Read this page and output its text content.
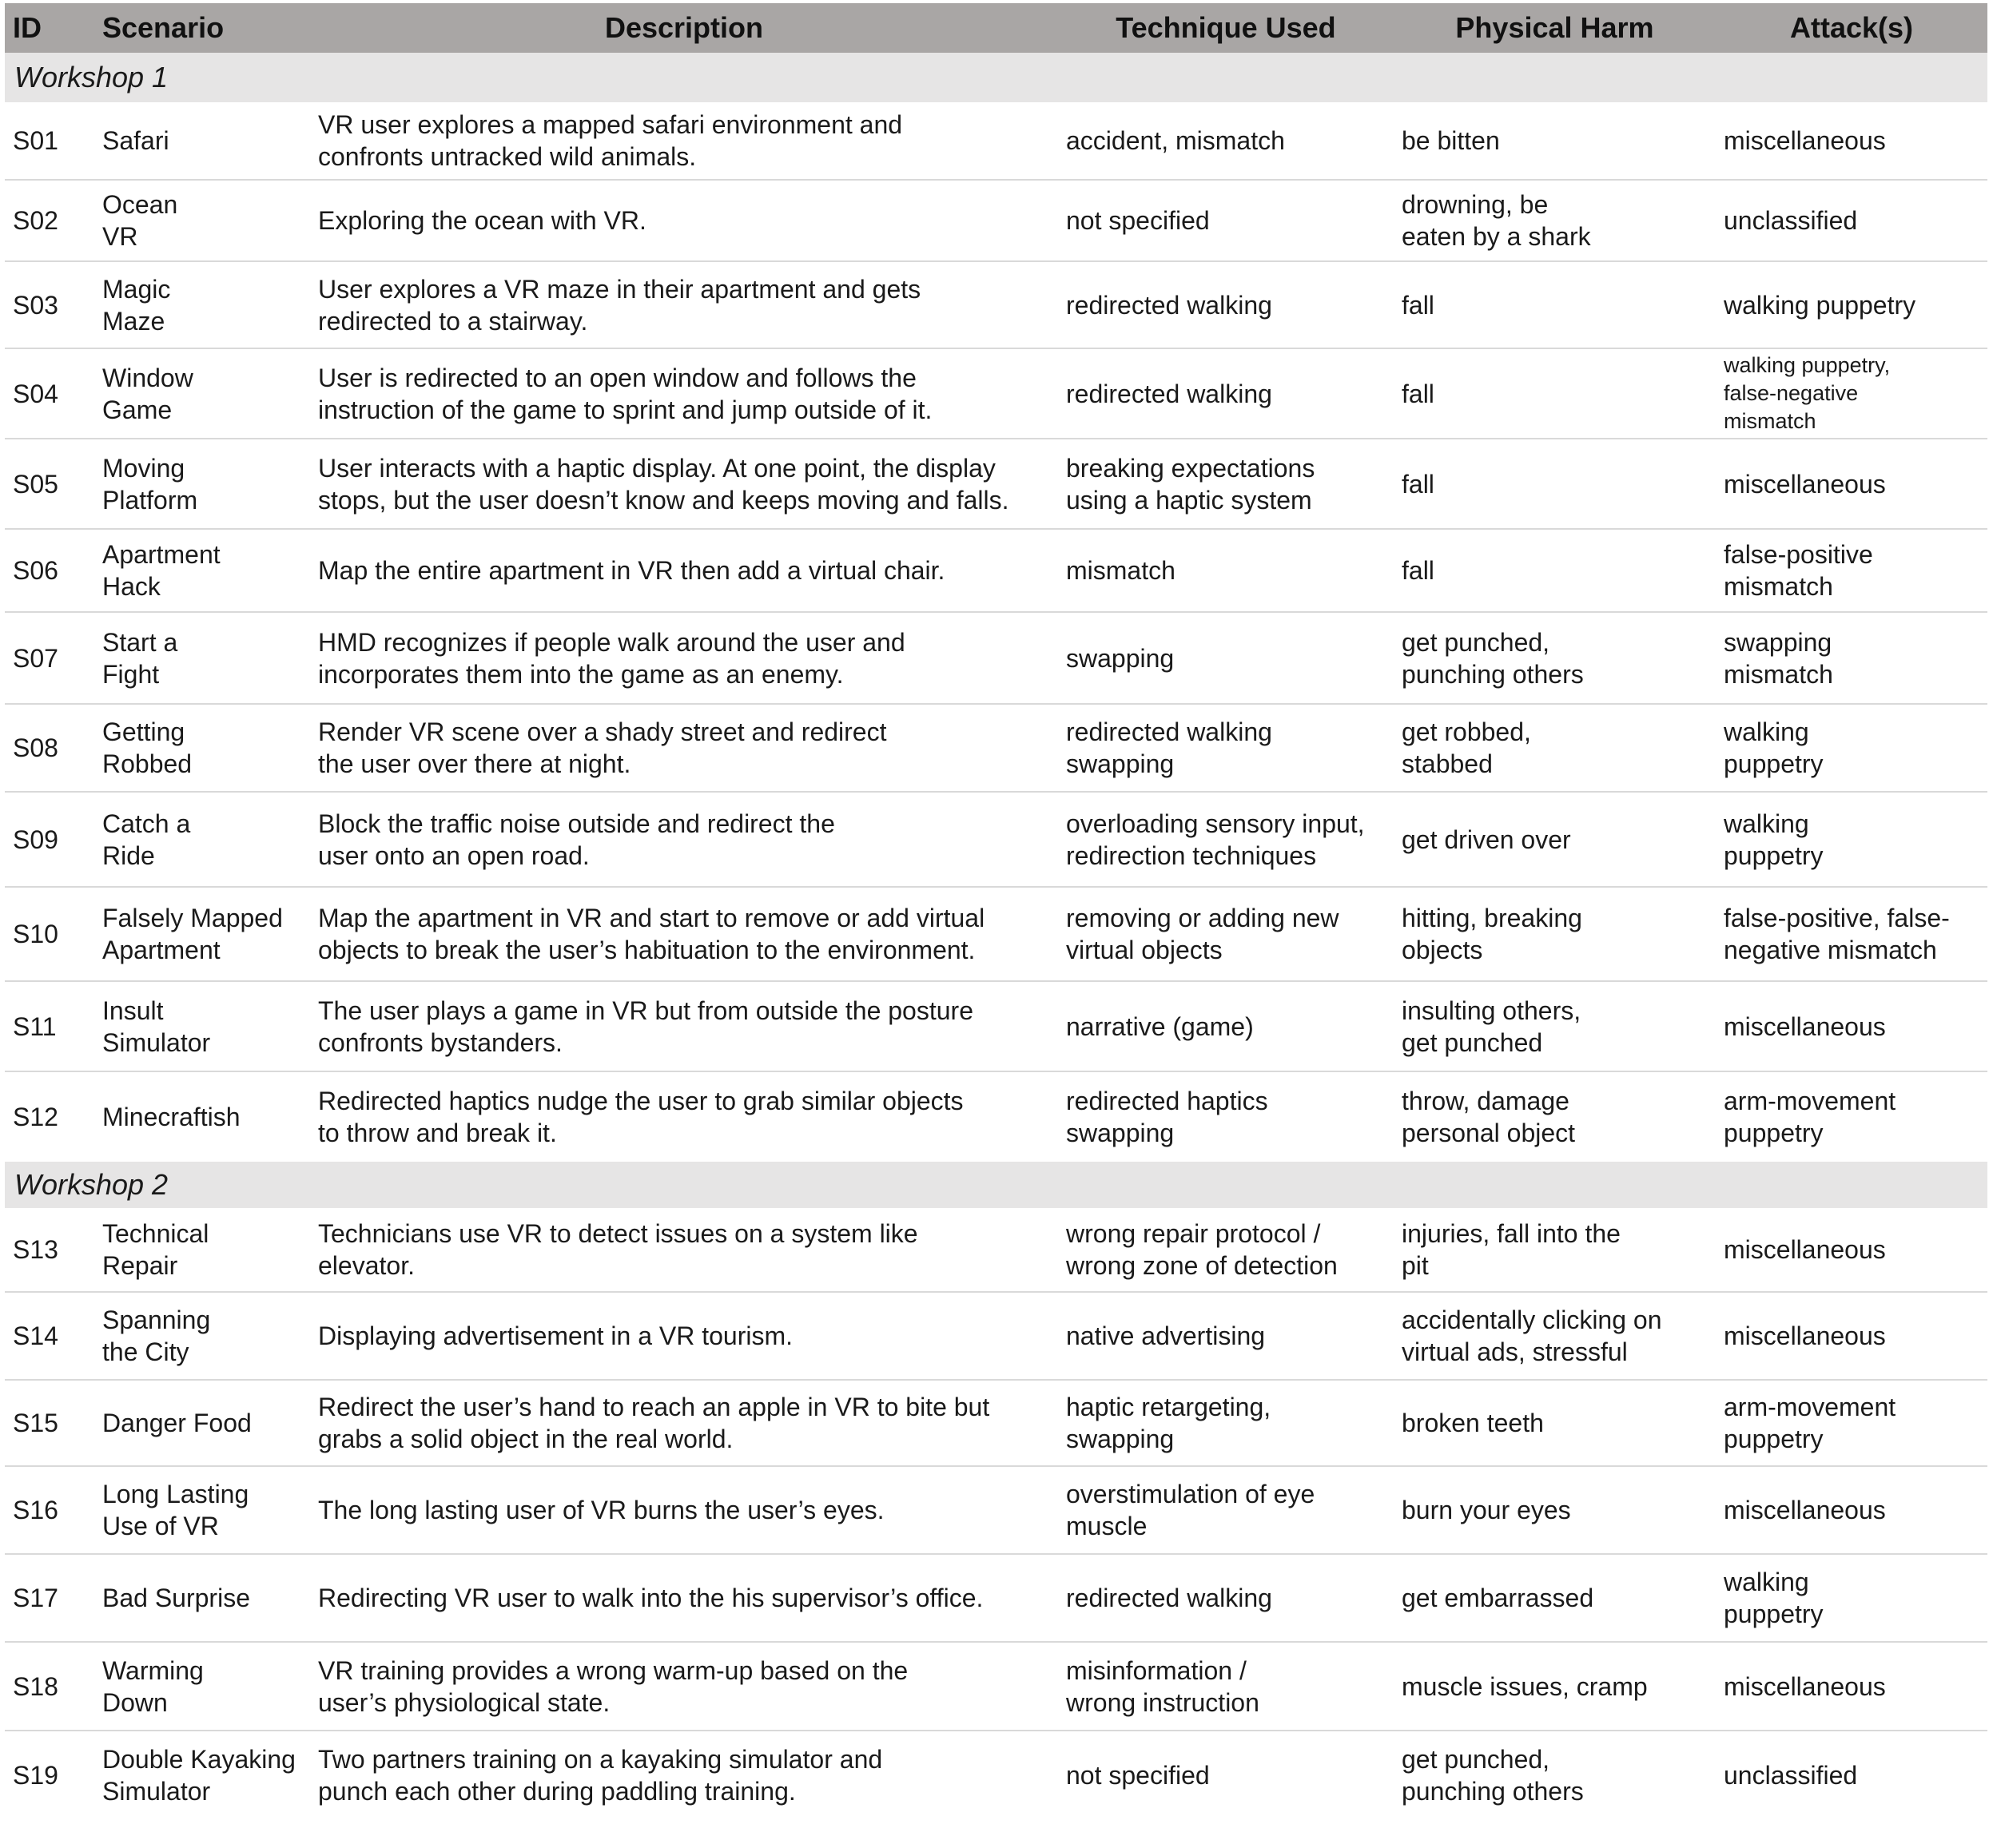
ID	Scenario	Description	Technique Used	Physical Harm	Attack(s)
Workshop 1					
S01	Safari	VR user explores a mapped safari environment and
confronts untracked wild animals.	accident, mismatch	be bitten	miscellaneous

S02	Ocean
VR	Exploring the ocean with VR.	not specified	drowning, be
eaten by a shark	unclassified

S03	Magic
Maze	User explores a VR maze in their apartment and gets
redirected to a stairway.	redirected walking	fall	walking puppetry

S04	Window
Game	User is redirected to an open window and follows the
instruction of the game to sprint and jump outside of it.	redirected walking	fall	walking puppetry,
false-negative
mismatch

S05	Moving
Platform	User interacts with a haptic display. At one point, the display
stops, but the user doesn’t know and keeps moving and falls.	breaking expectations
using a haptic system	fall	miscellaneous

S06	Apartment
Hack	Map the entire apartment in VR then add a virtual chair.	mismatch	fall	false-positive
mismatch

S07	Start a
Fight	HMD recognizes if people walk around the user and
incorporates them into the game as an enemy.	swapping	get punched,
punching others	swapping
mismatch

S08	Getting
Robbed	Render VR scene over a shady street and redirect
the user over there at night.	redirected walking
swapping	get robbed,
stabbed	walking
puppetry

S09	Catch a
Ride	Block the traffic noise outside and redirect the
user onto an open road.	overloading sensory input,
redirection techniques	get driven over	walking
puppetry

S10	Falsely Mapped
Apartment	Map the apartment in VR and start to remove or add virtual
objects to break the user’s habituation to the environment.	removing or adding new
virtual objects	hitting, breaking
objects	false-positive, false-
negative mismatch

S11	Insult
Simulator	The user plays a game in VR but from outside the posture
confronts bystanders.	narrative (game)	insulting others,
get punched	miscellaneous

S12	Minecraftish	Redirected haptics nudge the user to grab similar objects
to throw and break it.	redirected haptics
swapping	throw, damage
personal object	arm-movement
puppetry

Workshop 2					
S13	Technical
Repair	Technicians use VR to detect issues on a system like
elevator.	wrong repair protocol /
wrong zone of detection	injuries, fall into the
pit	miscellaneous

S14	Spanning
the City	Displaying advertisement in a VR tourism.	native advertising	accidentally clicking on
virtual ads, stressful	miscellaneous

S15	Danger Food	Redirect the user’s hand to reach an apple in VR to bite but
grabs a solid object in the real world.	haptic retargeting,
swapping	broken teeth	arm-movement
puppetry

S16	Long Lasting
Use of VR	The long lasting user of VR burns the user’s eyes.	overstimulation of eye
muscle	burn your eyes	miscellaneous

S17	Bad Surprise	Redirecting VR user to walk into the his supervisor’s office.	redirected walking	get embarrassed	walking
puppetry

S18	Warming
Down	VR training provides a wrong warm-up based on the
user’s physiological state.	misinformation /
wrong instruction	muscle issues, cramp	miscellaneous

S19	Double Kayaking
Simulator	Two partners training on a kayaking simulator and
punch each other during paddling training.	not specified	get punched,
punching others	unclassified
